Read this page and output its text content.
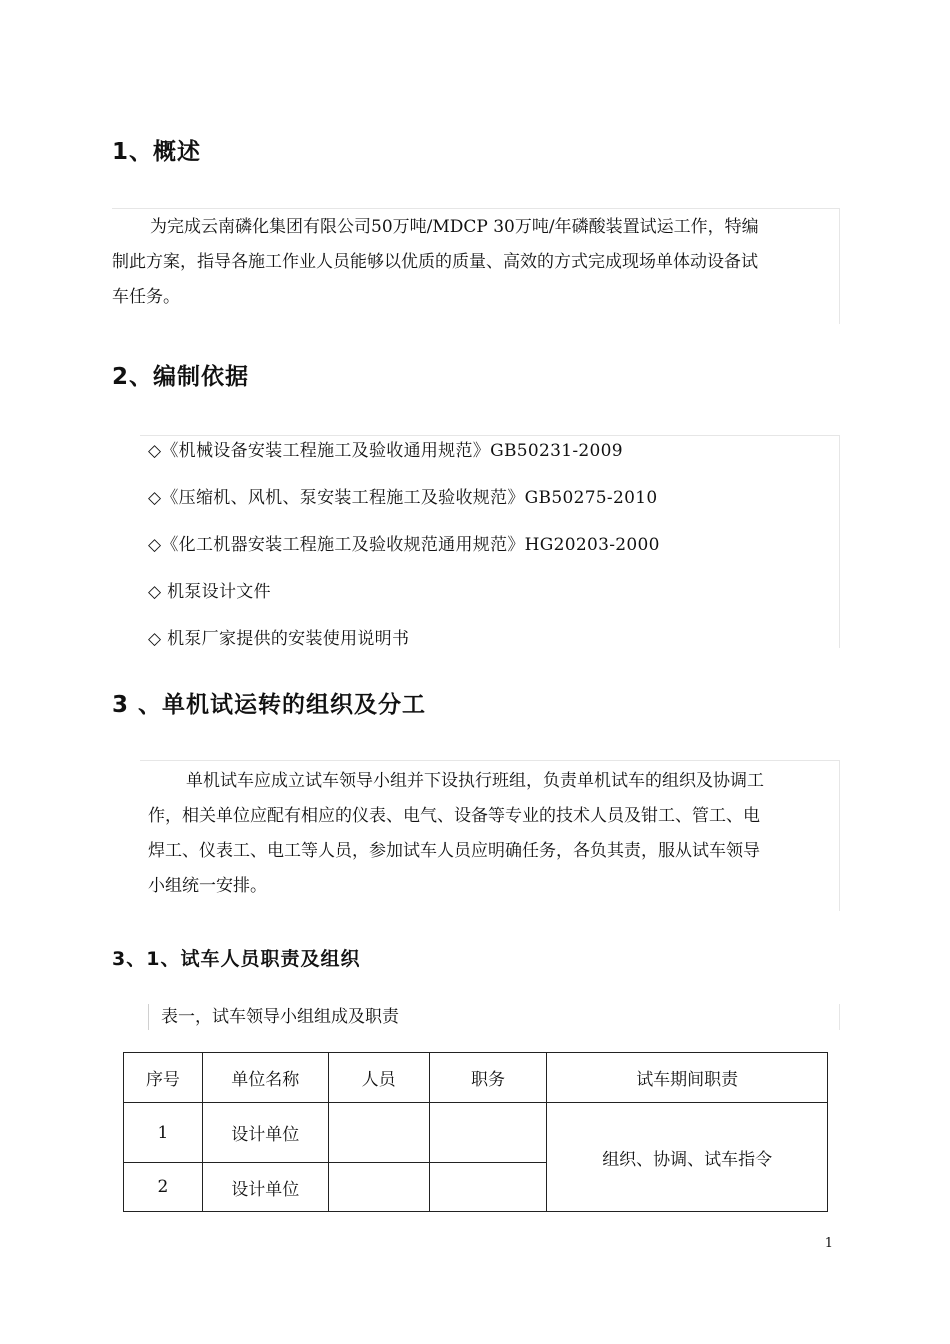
1、概述
为完成云南磷化集团有限公司50万吨/MDCP 30万吨/年磷酸装置试运工作，特编
制此方案，指导各施工作业人员能够以优质的质量、高效的方式完成现场单体动设备试
车任务。
2、编制依据
◇《机械设备安装工程施工及验收通用规范》GB50231-2009
◇《压缩机、风机、泵安装工程施工及验收规范》GB50275-2010
◇《化工机器安装工程施工及验收规范通用规范》HG20203-2000
◇ 机泵设计文件
◇ 机泵厂家提供的安装使用说明书
3 、单机试运转的组织及分工
单机试车应成立试车领导小组并下设执行班组，负责单机试车的组织及协调工
作，相关单位应配有相应的仪表、电气、设备等专业的技术人员及钳工、管工、电
焊工、仪表工、电工等人员，参加试车人员应明确任务，各负其责，服从试车领导
小组统一安排。
3、1、试车人员职责及组织
表一，试车领导小组组成及职责
序号	单位名称	人员	职务	试车期间职责
1	设计单位			组织、协调、试车指令
2	设计单位			
1
